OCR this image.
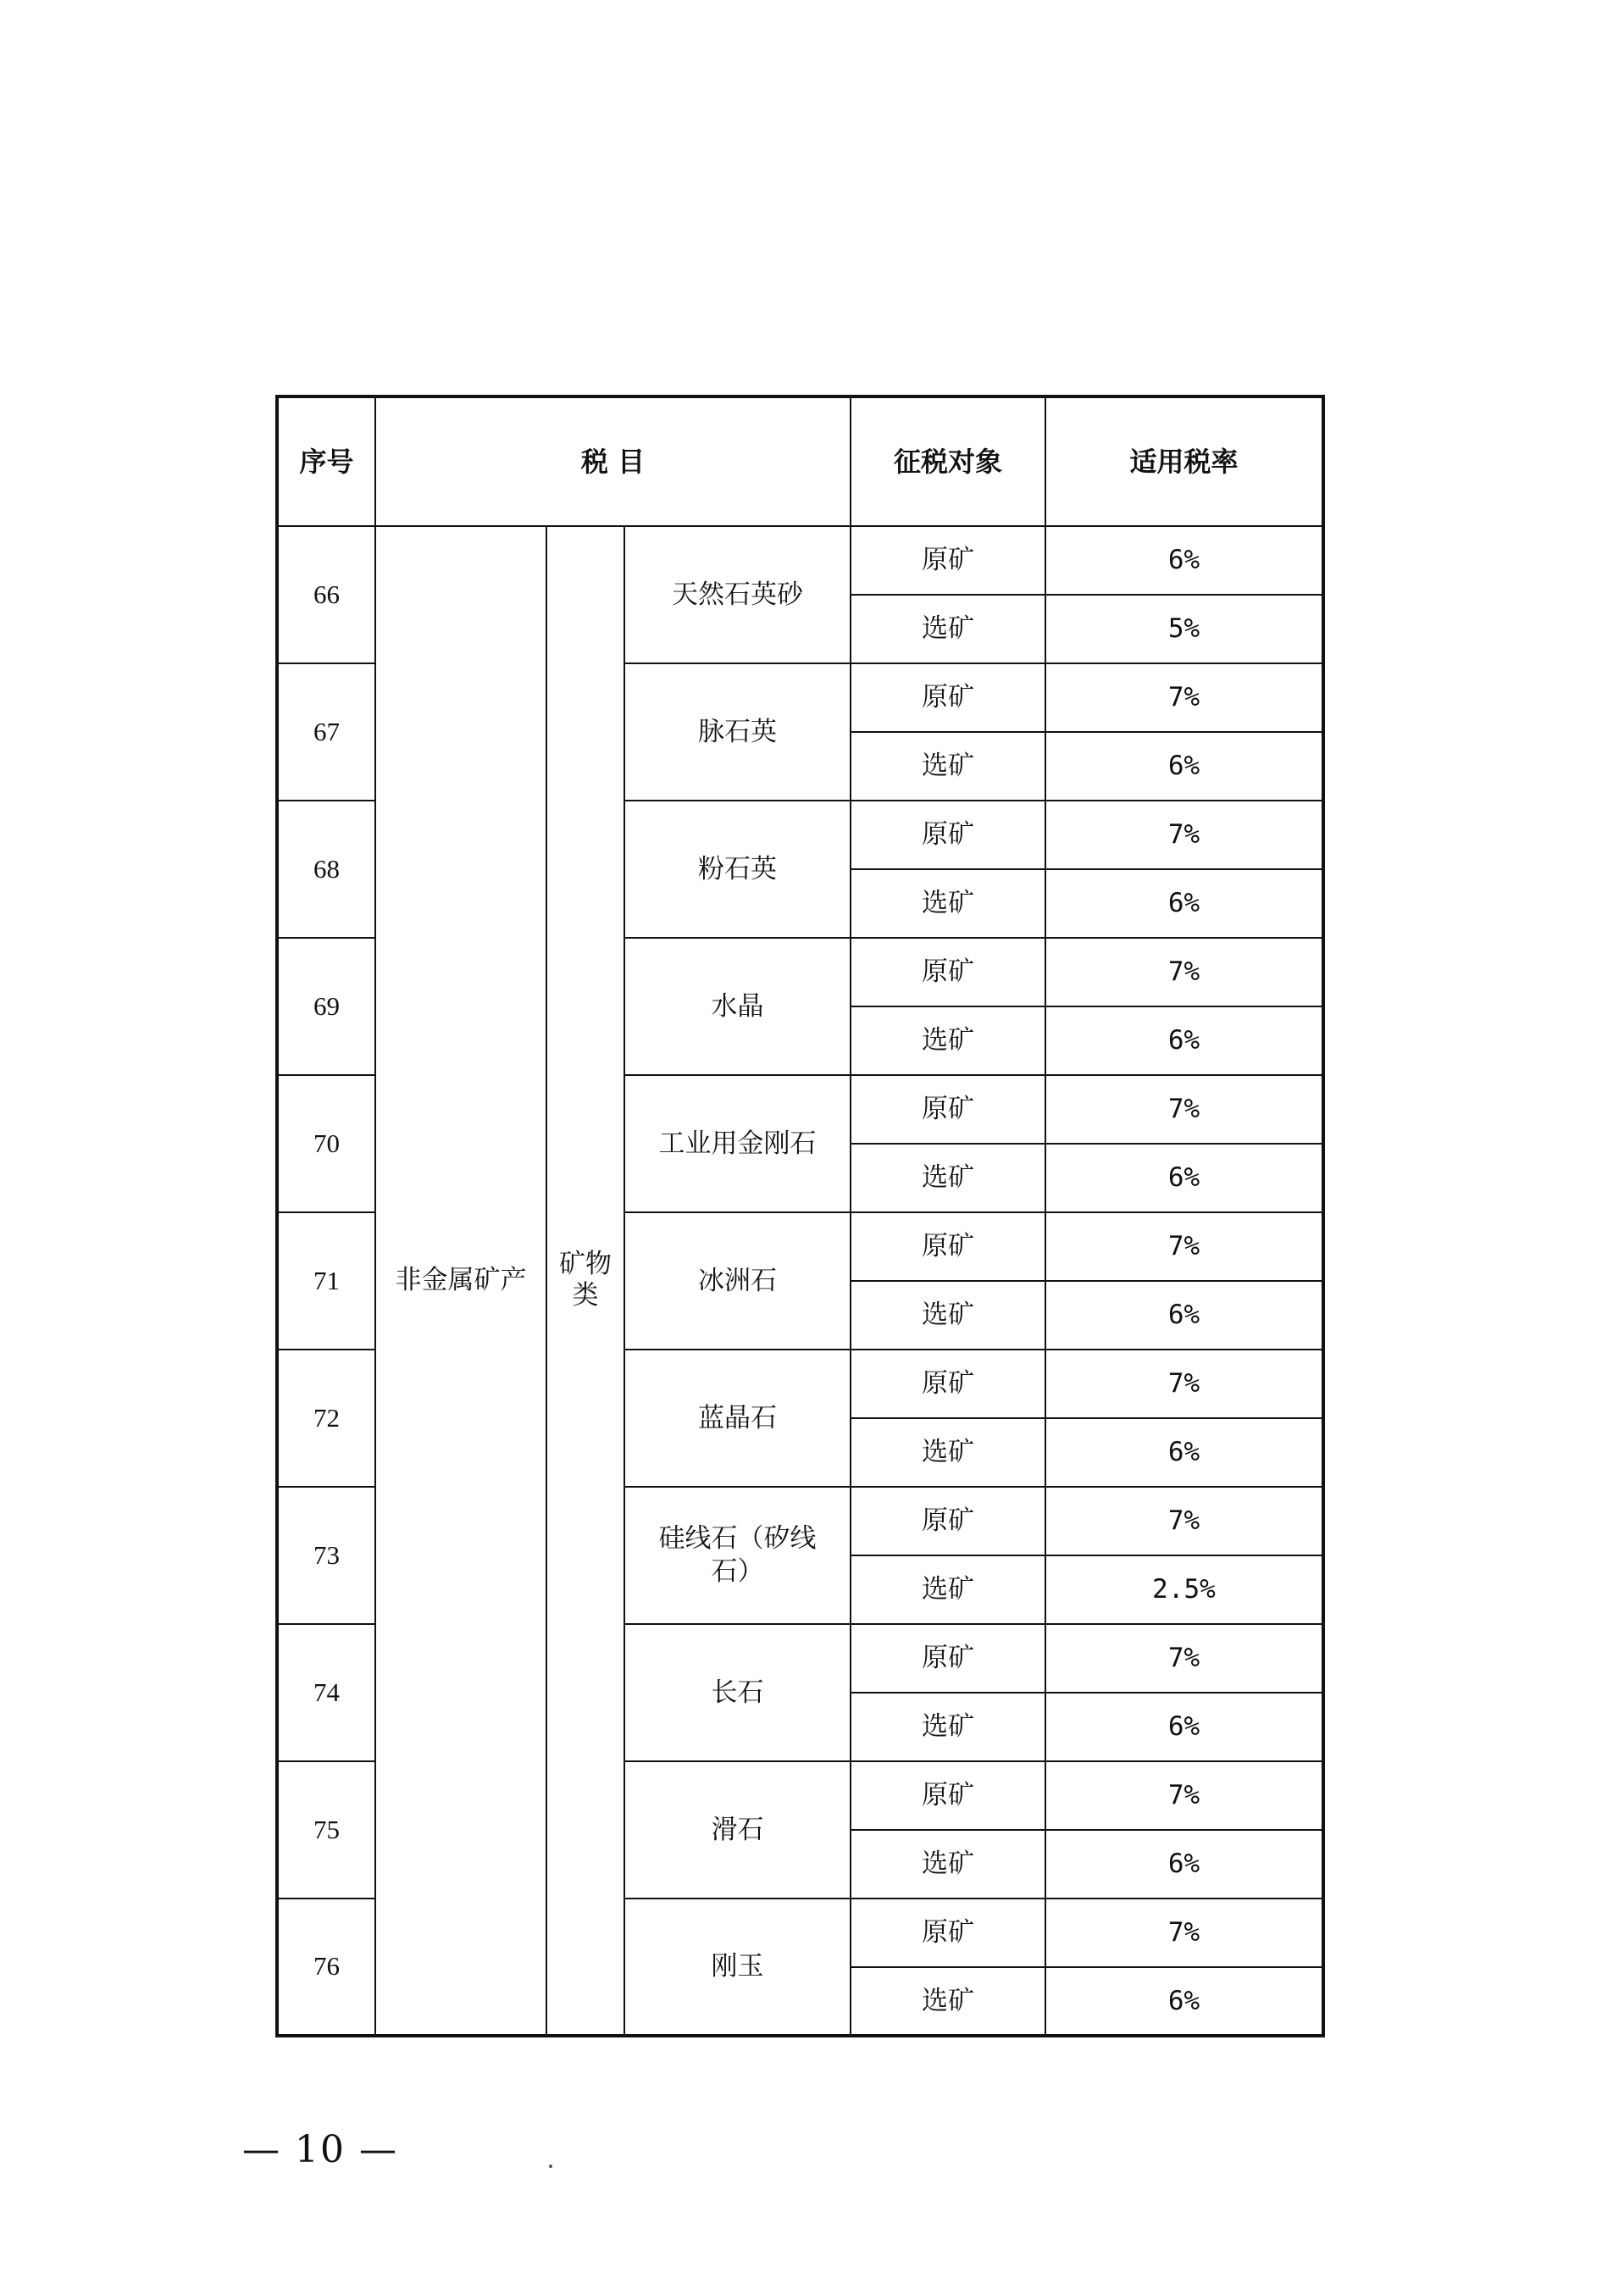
序号	税 目			征税对象	适用税率
66	非金属矿产	矿物类	天然石英砂	原矿	6%
				选矿	5%
67			脉石英	原矿	7%
				选矿	6%
68			粉石英	原矿	7%
				选矿	6%
69			水晶	原矿	7%
				选矿	6%
70			工业用金刚石	原矿	7%
				选矿	6%
71			冰洲石	原矿	7%
				选矿	6%
72			蓝晶石	原矿	7%
				选矿	6%
73			硅线石（矽线石）	原矿	7%
				选矿	2.5%
74			长石	原矿	7%
				选矿	6%
75			滑石	原矿	7%
				选矿	6%
76			刚玉	原矿	7%
				选矿	6%
— 10 —
